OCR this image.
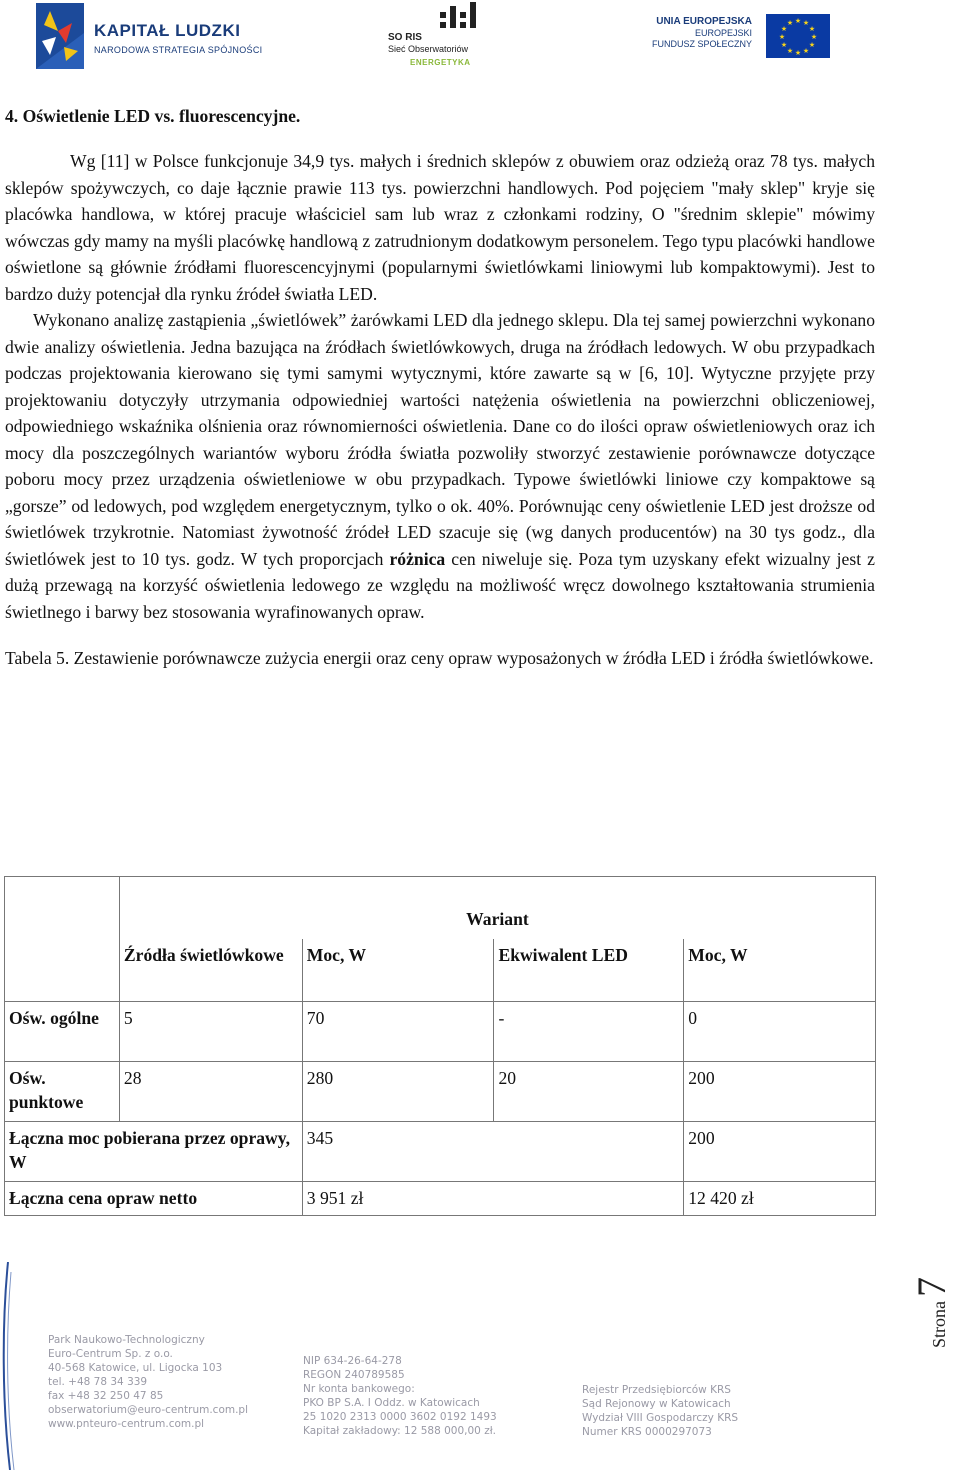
KAPITAŁ LUDZKI
NARODOWA STRATEGIA SPÓJNOŚCI
SO RIS
Sieć Obserwatoriów
ENERGETYKA
UNIA EUROPEJSKA
EUROPEJSKI
FUNDUSZ SPOŁECZNY
★ ★
★
★
★
★
★
★
★
★
★
★

4. Oświetlenie LED vs. fluorescencyjne.

Wg [11] w Polsce funkcjonuje 34,9 tys. małych i średnich sklepów z obuwiem oraz odzieżą oraz 78 tys. małych sklepów spożywczych, co daje łącznie prawie 113 tys. powierzchni handlowych. Pod pojęciem "mały sklep" kryje się placówka handlowa, w której pracuje właściciel sam lub wraz z członkami rodziny, O "średnim sklepie" mówimy wówczas gdy mamy na myśli placówkę handlową z zatrudnionym dodatkowym personelem. Tego typu placówki handlowe oświetlone są głównie źródłami fluorescencyjnymi (popularnymi świetlówkami liniowymi lub kompaktowymi). Jest to bardzo duży potencjał dla rynku źródeł światła LED.

Wykonano analizę zastąpienia „świetlówek” żarówkami LED dla jednego sklepu. Dla tej samej powierzchni wykonano dwie analizy oświetlenia. Jedna bazująca na źródłach świetlówkowych, druga na źródłach ledowych. W obu przypadkach podczas projektowania kierowano się tymi samymi wytycznymi, które zawarte są w [6, 10]. Wytyczne przyjęte przy projektowaniu dotyczyły utrzymania odpowiedniej wartości natężenia oświetlenia na powierzchni obliczeniowej, odpowiedniego wskaźnika olśnienia oraz równomierności oświetlenia. Dane co do ilości opraw oświetleniowych oraz ich mocy dla poszczególnych wariantów wyboru źródła światła pozwoliły stworzyć zestawienie porównawcze dotyczące poboru mocy przez urządzenia oświetleniowe w obu przypadkach. Typowe świetlówki liniowe czy kompaktowe są „gorsze” od ledowych, pod względem energetycznym, tylko o ok. 40%. Porównując ceny oświetlenie LED jest droższe od świetlówek trzykrotnie. Natomiast żywotność źródeł LED szacuje się (wg danych producentów) na 30 tys godz., dla świetlówek jest to 10 tys. godz. W tych proporcjach różnica cen niweluje się. Poza tym uzyskany efekt wizualny jest z dużą przewagą na korzyść oświetlenia ledowego ze względu na możliwość wręcz dowolnego kształtowania strumienia świetlnego i barwy bez stosowania wyrafinowanych opraw.

Tabela 5. Zestawienie porównawcze zużycia energii oraz ceny opraw wyposażonych w źródła LED i źródła świetlówkowe.

	Wariant			
	Źródła świetlówkowe	Moc, W	Ekwiwalent LED	Moc, W
Ośw. ogólne	5	70	-	0
Ośw. punktowe	28	280	20	200
Łączna moc pobierana przez oprawy, W		345		200
Łączna cena opraw netto		3 951 zł		12 420 zł
Strona7
Park Naukowo-Technologiczny
Euro-Centrum Sp. z o.o.
40-568 Katowice, ul. Ligocka 103
tel. +48 78 34 339
fax +48 32 250 47 85
obserwatorium@euro-centrum.com.pl
www.pnteuro-centrum.com.pl
NIP 634-26-64-278
REGON 240789585
Nr konta bankowego:
PKO BP S.A. I Oddz. w Katowicach
25 1020 2313 0000 3602 0192 1493
Kapitał zakładowy: 12 588 000,00 zł.
Rejestr Przedsiębiorców KRS
Sąd Rejonowy w Katowicach
Wydział VIII Gospodarczy KRS
Numer KRS 0000297073
